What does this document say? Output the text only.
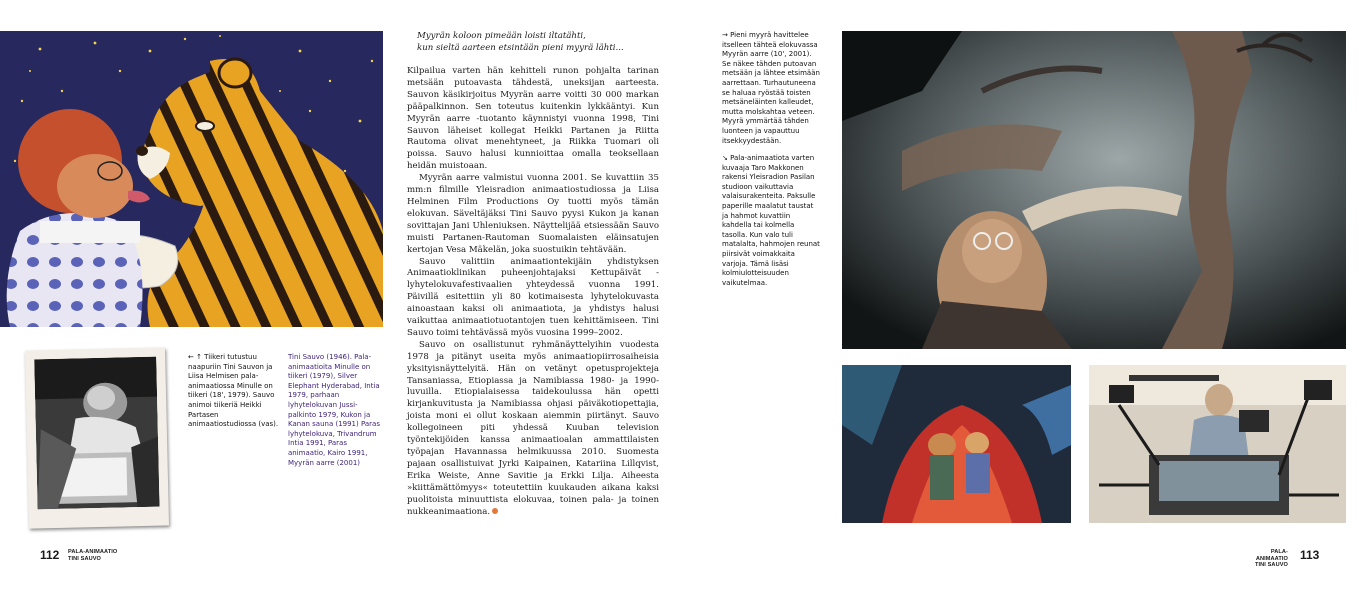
← ↑ Tiikeri tutustuu naapuriin Tini Sauvon ja Liisa Helmisen pala-animaatiossa Minulle on tiikeri (18', 1979). Sauvo animoi tiikeriä Heikki Partasen animaatiostudiossa (vas).

Tini Sauvo (1946). Pala-animaatioita Minulle on tiikeri (1979), Silver Elephant Hyderabad, Intia 1979, parhaan lyhytelokuvan Jussi-palkinto 1979, Kukon ja Kanan sauna (1991) Paras lyhytelokuva, Trivandrum Intia 1991, Paras animaatio, Kairo 1991, Myyrän aarre (2001)

Myyrän koloon pimeään loisti iltatähti,
kun sieltä aarteen etsintään pieni myyrä lähti...

Kilpailua varten hän kehitteli runon pohjalta tarinan metsään putoavasta tähdestä, uneksijan aarteesta. Sauvon käsikirjoitus Myyrän aarre voitti 30 000 markan pääpalkinnon. Sen toteutus kuitenkin lykkääntyi. Kun Myyrän aarre -tuotanto käynnistyi vuonna 1998, Tini Sauvon läheiset kollegat Heikki Partanen ja Riitta Rautoma olivat menehtyneet, ja Riikka Tuomari oli poissa. Sauvo halusi kunnioittaa omalla teoksellaan heidän muistoaan.

Myyrän aarre valmistui vuonna 2001. Se kuvattiin 35 mm:n filmille Yleisradion animaatiostudiossa ja Liisa Helminen Film Productions Oy tuotti myös tämän elokuvan. Säveltäjäksi Tini Sauvo pyysi Kukon ja kanan sovittajan Jani Uhleniuksen. Näyttelijää etsiessään Sauvo muisti Partanen-Rautoman Suomalaisten eläinsatujen kertojan Vesa Mäkelän, joka suostuikin tehtävään.

Sauvo valittiin animaationtekijäin yhdistyksen Animaatioklinikan puheenjohtajaksi Kettupäivät -lyhytelokuvafestivaalien yhteydessä vuonna 1991. Päivillä esitettiin yli 80 kotimaisesta lyhytelokuvasta ainoastaan kaksi oli animaatiota, ja yhdistys halusi vaikuttaa animaatiotuotantojen tuen kehittämiseen. Tini Sauvo toimi tehtävässä myös vuosina 1999–2002.

Sauvo on osallistunut ryhmänäyttelyihin vuodesta 1978 ja pitänyt useita myös animaatiopiirrosaiheisia yksityisnäyttelyitä. Hän on vetänyt opetusprojekteja Tansaniassa, Etiopiassa ja Namibiassa 1980- ja 1990-luvuilla. Etiopialaisessa taidekoulussa hän opetti kirjankuvitusta ja Namibiassa ohjasi päiväkotiopettajia, joista moni ei ollut koskaan aiemmin piirtänyt. Sauvo kollegoineen piti yhdessä Kuuban television työntekijöiden kanssa animaatioalan ammattilaisten työpajan Havannassa helmikuussa 2010. Suomesta pajaan osallistuivat Jyrki Kaipainen, Katariina Lillqvist, Erika Weiste, Anne Savitie ja Erkki Lilja. Aiheesta »kiittämättömyys« toteutettiin kuukauden aikana kaksi puolitoista minuuttista elokuvaa, toinen pala- ja toinen nukkeanimaationa.

112 PALA-ANIMAATIO
TINI SAUVO

→ Pieni myyrä havittelee itselleen tähteä elokuvassa Myyrän aarre (10', 2001). Se näkee tähden putoavan metsään ja lähtee etsimään aarrettaan. Turhautuneena se haluaa ryöstää toisten metsäneläinten kalleudet, mutta molskahtaa veteen. Myyrä ymmärtää tähden luonteen ja vapauttuu itsekkyydestään.

↘ Pala-animaatiota varten kuvaaja Taro Makkonen rakensi Yleisradion Pasilan studioon vaikuttavia valaisurakenteita. Paksulle paperille maalatut taustat ja hahmot kuvattiin kahdella tai kolmella tasolla. Kun valo tuli matalalta, hahmojen reunat piirsivät voimakkaita varjoja. Tämä lisäsi kolmiulotteisuuden vaikutelmaa.

PALA-ANIMAATIO
TINI SAUVO
113
